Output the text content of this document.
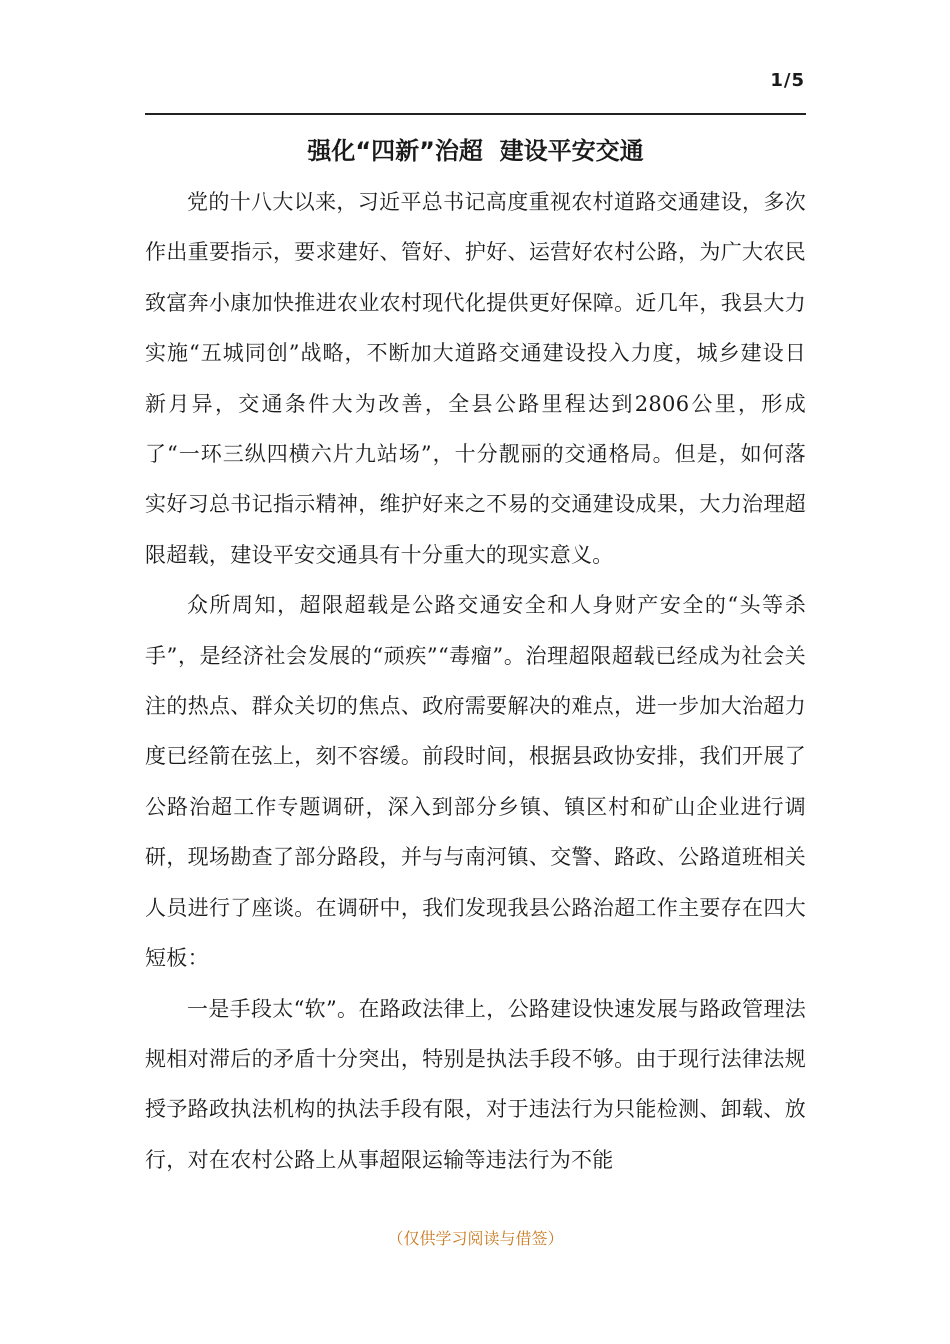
1/5
强化“四新”治超  建设平安交通

党的十八大以来，习近平总书记高度重视农村道路交通建设，多次作出重要指示，要求建好、管好、护好、运营好农村公路，为广大农民致富奔小康加快推进农业农村现代化提供更好保障。近几年，我县大力实施“五城同创”战略，不断加大道路交通建设投入力度，城乡建设日新月异，交通条件大为改善，全县公路里程达到2806公里，形成了“一环三纵四横六片九站场”，十分靓丽的交通格局。但是，如何落实好习总书记指示精神，维护好来之不易的交通建设成果，大力治理超限超载，建设平安交通具有十分重大的现实意义。

众所周知，超限超载是公路交通安全和人身财产安全的“头等杀手”，是经济社会发展的“顽疾”“毒瘤”。治理超限超载已经成为社会关注的热点、群众关切的焦点、政府需要解决的难点，进一步加大治超力度已经箭在弦上，刻不容缓。前段时间，根据县政协安排，我们开展了公路治超工作专题调研，深入到部分乡镇、镇区村和矿山企业进行调研，现场勘查了部分路段，并与与南河镇、交警、路政、公路道班相关人员进行了座谈。在调研中，我们发现我县公路治超工作主要存在四大短板：

一是手段太“软”。在路政法律上，公路建设快速发展与路政管理法规相对滞后的矛盾十分突出，特别是执法手段不够。由于现行法律法规授予路政执法机构的执法手段有限，对于违法行为只能检测、卸载、放行，对在农村公路上从事超限运输等违法行为不能

（仅供学习阅读与借签）
